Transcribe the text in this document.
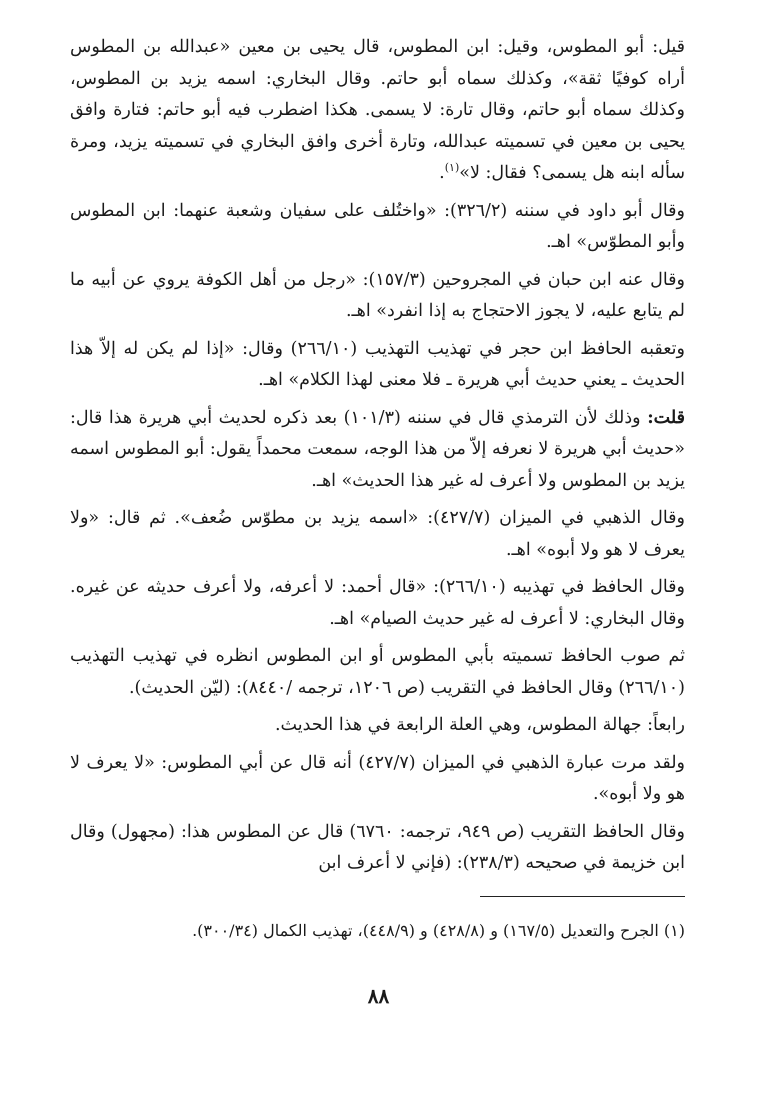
قيل: أبو المطوس، وقيل: ابن المطوس، قال يحيى بن معين «عبدالله بن المطوس أراه كوفيًا ثقة»، وكذلك سماه أبو حاتم. وقال البخاري: اسمه يزيد بن المطوس، وكذلك سماه أبو حاتم، وقال تارة: لا يسمى. هكذا اضطرب فيه أبو حاتم: فتارة وافق يحيى بن معين في تسميته عبدالله، وتارة أخرى وافق البخاري في تسميته يزيد، ومرة سأله ابنه هل يسمى؟ فقال: لا»$^{(١)}$.

وقال أبو داود في سننه (٣٢٦/٢): «واختُلف على سفيان وشعبة عنهما: ابن المطوس وأبو المطوّس» اهـ.

وقال عنه ابن حبان في المجروحين (١٥٧/٣): «رجل من أهل الكوفة يروي عن أبيه ما لم يتابع عليه، لا يجوز الاحتجاج به إذا انفرد» اهـ.

وتعقبه الحافظ ابن حجر في تهذيب التهذيب (٢٦٦/١٠) وقال: «إذا لم يكن له إلاّ هذا الحديث ـ يعني حديث أبي هريرة ـ فلا معنى لهذا الكلام» اهـ.

قلت: وذلك لأن الترمذي قال في سننه (١٠١/٣) بعد ذكره لحديث أبي هريرة هذا قال: «حديث أبي هريرة لا نعرفه إلاّ من هذا الوجه، سمعت محمداً يقول: أبو المطوس اسمه يزيد بن المطوس ولا أعرف له غير هذا الحديث» اهـ.

وقال الذهبي في الميزان (٤٢٧/٧): «اسمه يزيد بن مطوّس ضُعف». ثم قال: «ولا يعرف لا هو ولا أبوه» اهـ.

وقال الحافظ في تهذيبه (٢٦٦/١٠): «قال أحمد: لا أعرفه، ولا أعرف حديثه عن غيره. وقال البخاري: لا أعرف له غير حديث الصيام» اهـ.

ثم صوب الحافظ تسميته بأبي المطوس أو ابن المطوس انظره في تهذيب التهذيب (٢٦٦/١٠) وقال الحافظ في التقريب (ص ١٢٠٦، ترجمه /٨٤٤٠): (ليّن الحديث).

رابعاً: جهالة المطوس، وهي العلة الرابعة في هذا الحديث.

ولقد مرت عبارة الذهبي في الميزان (٤٢٧/٧) أنه قال عن أبي المطوس: «لا يعرف لا هو ولا أبوه».

وقال الحافظ التقريب (ص ٩٤٩، ترجمه: ٦٧٦٠) قال عن المطوس هذا: (مجهول) وقال ابن خزيمة في صحيحه (٢٣٨/٣): (فإني لا أعرف ابن

(١) الجرح والتعديل (١٦٧/٥) و (٤٢٨/٨) و (٤٤٨/٩)، تهذيب الكمال (٣٠٠/٣٤).

٨٨
